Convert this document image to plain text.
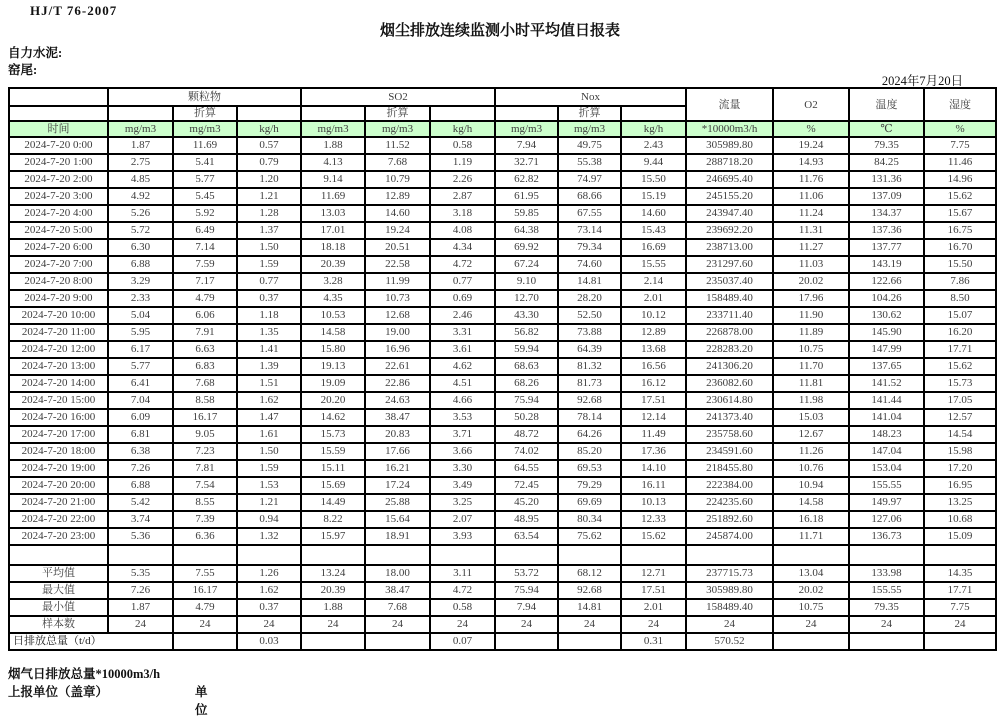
HJ/T 76-2007
烟尘排放连续监测小时平均值日报表
自力水泥:
窑尾:
2024年7月20日
	颗粒物			SO2			Nox			流量	O2	温度	湿度
		折算			折算			折算					
时间	mg/m3	mg/m3	kg/h	mg/m3	mg/m3	kg/h	mg/m3	mg/m3	kg/h	*10000m3/h	%	℃	%
2024-7-20 0:00	1.87	11.69	0.57	1.88	11.52	0.58	7.94	49.75	2.43	305989.80	19.24	79.35	7.75
2024-7-20 1:00	2.75	5.41	0.79	4.13	7.68	1.19	32.71	55.38	9.44	288718.20	14.93	84.25	11.46
2024-7-20 2:00	4.85	5.77	1.20	9.14	10.79	2.26	62.82	74.97	15.50	246695.40	11.76	131.36	14.96
2024-7-20 3:00	4.92	5.45	1.21	11.69	12.89	2.87	61.95	68.66	15.19	245155.20	11.06	137.09	15.62
2024-7-20 4:00	5.26	5.92	1.28	13.03	14.60	3.18	59.85	67.55	14.60	243947.40	11.24	134.37	15.67
2024-7-20 5:00	5.72	6.49	1.37	17.01	19.24	4.08	64.38	73.14	15.43	239692.20	11.31	137.36	16.75
2024-7-20 6:00	6.30	7.14	1.50	18.18	20.51	4.34	69.92	79.34	16.69	238713.00	11.27	137.77	16.70
2024-7-20 7:00	6.88	7.59	1.59	20.39	22.58	4.72	67.24	74.60	15.55	231297.60	11.03	143.19	15.50
2024-7-20 8:00	3.29	7.17	0.77	3.28	11.99	0.77	9.10	14.81	2.14	235037.40	20.02	122.66	7.86
2024-7-20 9:00	2.33	4.79	0.37	4.35	10.73	0.69	12.70	28.20	2.01	158489.40	17.96	104.26	8.50
2024-7-20 10:00	5.04	6.06	1.18	10.53	12.68	2.46	43.30	52.50	10.12	233711.40	11.90	130.62	15.07
2024-7-20 11:00	5.95	7.91	1.35	14.58	19.00	3.31	56.82	73.88	12.89	226878.00	11.89	145.90	16.20
2024-7-20 12:00	6.17	6.63	1.41	15.80	16.96	3.61	59.94	64.39	13.68	228283.20	10.75	147.99	17.71
2024-7-20 13:00	5.77	6.83	1.39	19.13	22.61	4.62	68.63	81.32	16.56	241306.20	11.70	137.65	15.62
2024-7-20 14:00	6.41	7.68	1.51	19.09	22.86	4.51	68.26	81.73	16.12	236082.60	11.81	141.52	15.73
2024-7-20 15:00	7.04	8.58	1.62	20.20	24.63	4.66	75.94	92.68	17.51	230614.80	11.98	141.44	17.05
2024-7-20 16:00	6.09	16.17	1.47	14.62	38.47	3.53	50.28	78.14	12.14	241373.40	15.03	141.04	12.57
2024-7-20 17:00	6.81	9.05	1.61	15.73	20.83	3.71	48.72	64.26	11.49	235758.60	12.67	148.23	14.54
2024-7-20 18:00	6.38	7.23	1.50	15.59	17.66	3.66	74.02	85.20	17.36	234591.60	11.26	147.04	15.98
2024-7-20 19:00	7.26	7.81	1.59	15.11	16.21	3.30	64.55	69.53	14.10	218455.80	10.76	153.04	17.20
2024-7-20 20:00	6.88	7.54	1.53	15.69	17.24	3.49	72.45	79.29	16.11	222384.00	10.94	155.55	16.95
2024-7-20 21:00	5.42	8.55	1.21	14.49	25.88	3.25	45.20	69.69	10.13	224235.60	14.58	149.97	13.25
2024-7-20 22:00	3.74	7.39	0.94	8.22	15.64	2.07	48.95	80.34	12.33	251892.60	16.18	127.06	10.68
2024-7-20 23:00	5.36	6.36	1.32	15.97	18.91	3.93	63.54	75.62	15.62	245874.00	11.71	136.73	15.09

平均值	5.35	7.55	1.26	13.24	18.00	3.11	53.72	68.12	12.71	237715.73	13.04	133.98	14.35
最大值	7.26	16.17	1.62	20.39	38.47	4.72	75.94	92.68	17.51	305989.80	20.02	155.55	17.71
最小值	1.87	4.79	0.37	1.88	7.68	0.58	7.94	14.81	2.01	158489.40	10.75	79.35	7.75
样本数	24	24	24	24	24	24	24	24	24	24	24	24	24
日排放总量（t/d）			0.03			0.07			0.31	570.52			
烟气日排放总量*10000m3/h
上报单位（盖章）	单位
